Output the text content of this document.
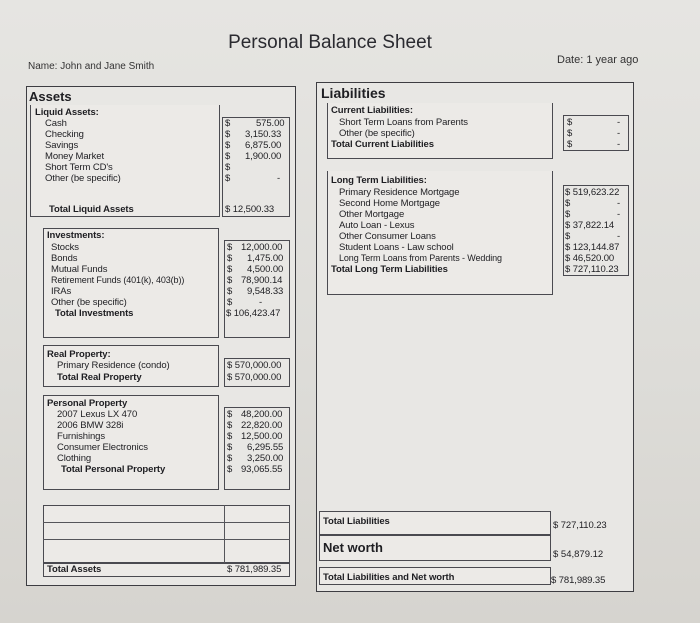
Personal Balance Sheet
Name: John and Jane Smith
Date: 1 year ago
Assets
Liquid Assets:
Cash	$	575.00
Checking	$ 3,150.33
Savings	$ 6,875.00
Money Market	$ 1,900.00
Short Term CD's	$
Other (be specific)	$	-
Total Liquid Assets	$ 12,500.33
Investments:
Stocks	$ 12,000.00
Bonds	$ 1,475.00
Mutual Funds	$ 4,500.00
Retirement Funds (401(k), 403(b))	$ 78,900.14
IRAs	$ 9,548.33
Other (be specific)	$	-
Total Investments	$ 106,423.47
Real Property:
Primary Residence (condo)	$ 570,000.00
Total Real Property	$ 570,000.00
Personal Property
2007 Lexus LX 470	$ 48,200.00
2006 BMW 328i	$ 22,820.00
Furnishings	$ 12,500.00
Consumer Electronics	$ 6,295.55
Clothing	$ 3,250.00
Total Personal Property	$ 93,065.55
Total Assets	$ 781,989.35
Liabilities
Current Liabilities:
Short Term Loans from Parents	$	-
Other (be specific)	$	-
Total Current Liabilities	$	-
Long Term Liabilities:
Primary Residence Mortgage	$ 519,623.22
Second Home Mortgage	$	-
Other Mortgage	$	-
Auto Loan - Lexus	$ 37,822.14
Other Consumer Loans	$	-
Student Loans - Law school	$ 123,144.87
Long Term Loans from Parents - Wedding	$ 46,520.00
Total Long Term Liabilities	$ 727,110.23
Total Liabilities	$ 727,110.23
Net worth	$ 54,879.12
Total Liabilities and Net worth	$ 781,989.35
